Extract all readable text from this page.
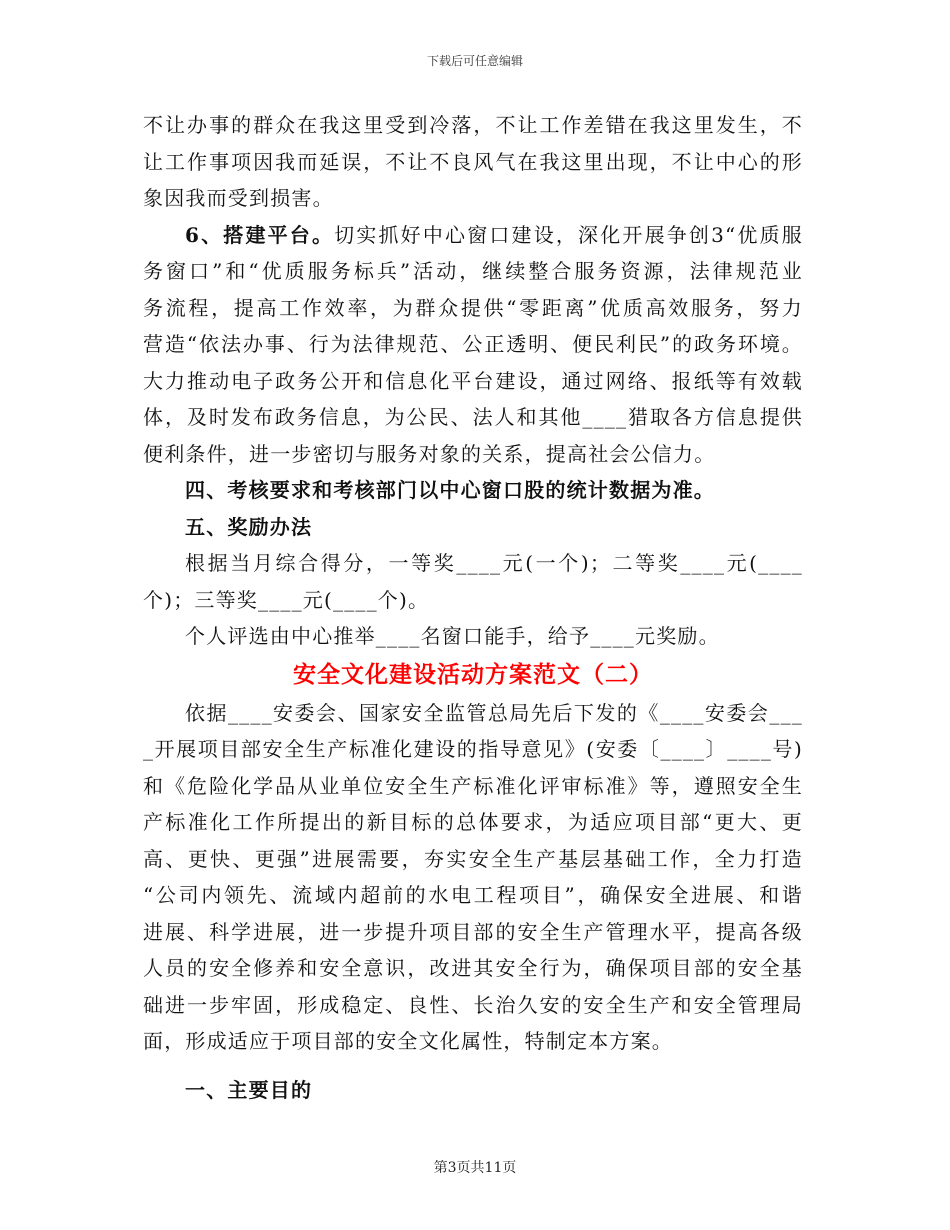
下载后可任意编辑
不让办事的群众在我这里受到冷落，不让工作差错在我这里发生，不
让工作事项因我而延误，不让不良风气在我这里出现，不让中心的形
象因我而受到损害。
6、搭建平台。切实抓好中心窗口建设，深化开展争创3“优质服
务窗口”和“优质服务标兵”活动，继续整合服务资源，法律规范业
务流程，提高工作效率，为群众提供“零距离”优质高效服务，努力
营造“依法办事、行为法律规范、公正透明、便民利民”的政务环境。
大力推动电子政务公开和信息化平台建设，通过网络、报纸等有效载
体，及时发布政务信息，为公民、法人和其他____猎取各方信息提供
便利条件，进一步密切与服务对象的关系，提高社会公信力。
四、考核要求和考核部门以中心窗口股的统计数据为准。
五、奖励办法
根据当月综合得分，一等奖____元(一个)；二等奖____元(____
个)；三等奖____元(____个)。
个人评选由中心推举____名窗口能手，给予____元奖励。
安全文化建设活动方案范文（二）
依据____安委会、国家安全监管总局先后下发的《____安委会___
_开展项目部安全生产标准化建设的指导意见》(安委〔____〕____号)
和《危险化学品从业单位安全生产标准化评审标准》等，遵照安全生
产标准化工作所提出的新目标的总体要求，为适应项目部“更大、更
高、更快、更强”进展需要，夯实安全生产基层基础工作，全力打造
“公司内领先、流域内超前的水电工程项目”，确保安全进展、和谐
进展、科学进展，进一步提升项目部的安全生产管理水平，提高各级
人员的安全修养和安全意识，改进其安全行为，确保项目部的安全基
础进一步牢固，形成稳定、良性、长治久安的安全生产和安全管理局
面，形成适应于项目部的安全文化属性，特制定本方案。
一、主要目的
第3页共11页
